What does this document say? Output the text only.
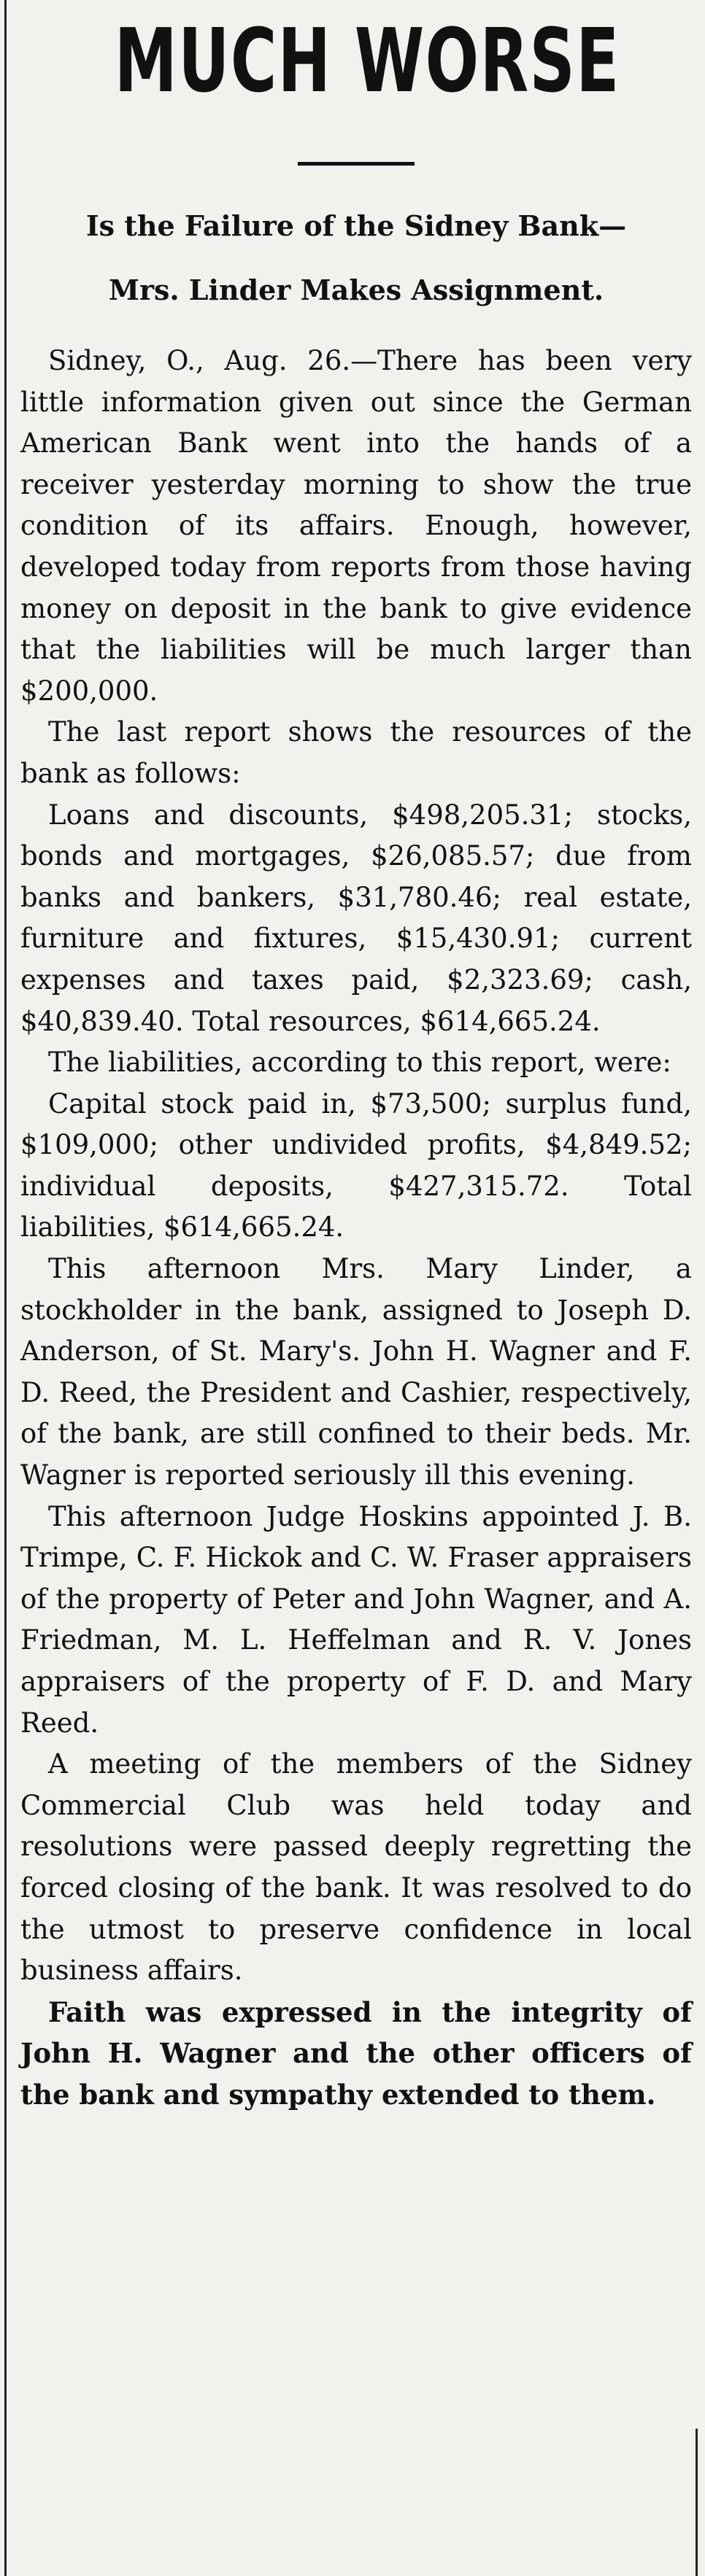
MUCH WORSE
Is the Failure of the Sidney Bank—
Mrs. Linder Makes Assignment.

Sidney, O., Aug. 26.—There has been very little information given out since the German American Bank went into the hands of a receiver yesterday morning to show the true condition of its affairs. Enough, however, developed today from reports from those having money on deposit in the bank to give evidence that the liabilities will be much larger than $200,000.

The last report shows the resources of the bank as follows:

Loans and discounts, $498,205.31; stocks, bonds and mortgages, $26,085.57; due from banks and bankers, $31,780.46; real estate, furniture and fixtures, $15,430.91; current expenses and taxes paid, $2,323.69; cash, $40,839.40. Total resources, $614,665.24.

The liabilities, according to this report, were:

Capital stock paid in, $73,500; surplus fund, $109,000; other undivided profits, $4,849.52; individual deposits, $427,315.72. Total liabilities, $614,665.24.

This afternoon Mrs. Mary Linder, a stockholder in the bank, assigned to Joseph D. Anderson, of St. Mary's. John H. Wagner and F. D. Reed, the President and Cashier, respectively, of the bank, are still confined to their beds. Mr. Wagner is reported seriously ill this evening.

This afternoon Judge Hoskins appointed J. B. Trimpe, C. F. Hickok and C. W. Fraser appraisers of the property of Peter and John Wagner, and A. Friedman, M. L. Heffelman and R. V. Jones appraisers of the property of F. D. and Mary Reed.

A meeting of the members of the Sidney Commercial Club was held today and resolutions were passed deeply regretting the forced closing of the bank. It was resolved to do the utmost to preserve confidence in local business affairs.

Faith was expressed in the integrity of John H. Wagner and the other officers of the bank and sympathy extended to them.
